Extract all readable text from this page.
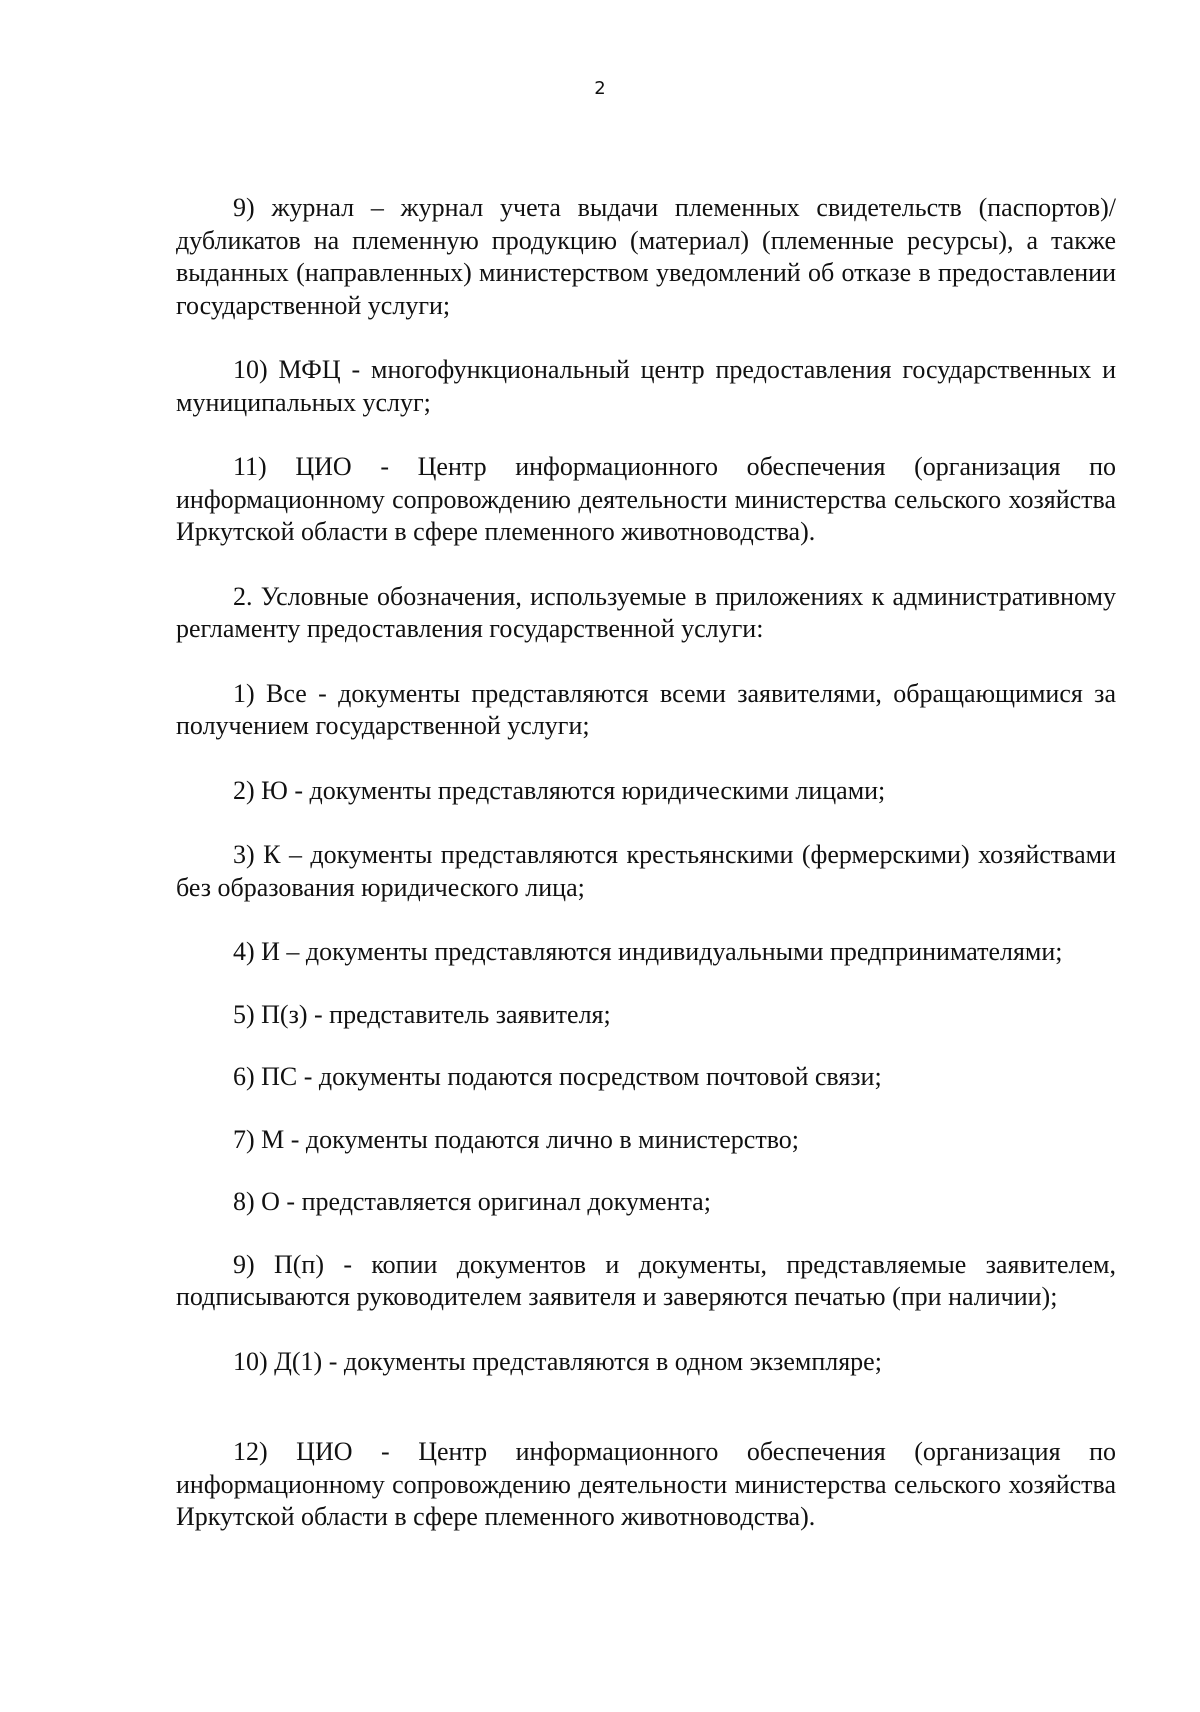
2

9) журнал – журнал учета выдачи племенных свидетельств (паспортов)/дубликатов на племенную продукцию (материал) (племенные ресурсы), а также выданных (направленных) министерством уведомлений об отказе в предоставлении государственной услуги;

10) МФЦ - многофункциональный центр предоставления государственных и муниципальных услуг;

11) ЦИО - Центр информационного обеспечения (организация по информационному сопровождению деятельности министерства сельского хозяйства Иркутской области в сфере племенного животноводства).

2. Условные обозначения, используемые в приложениях к административному регламенту предоставления государственной услуги:

1) Все - документы представляются всеми заявителями, обращающимися за получением государственной услуги;

2) Ю - документы представляются юридическими лицами;

3) К – документы представляются крестьянскими (фермерскими) хозяйствами без образования юридического лица;

4) И – документы представляются индивидуальными предпринимателями;

5) П(з) - представитель заявителя;

6) ПС - документы подаются посредством почтовой связи;

7) М - документы подаются лично в министерство;

8) О - представляется оригинал документа;

9) П(п) - копии документов и документы, представляемые заявителем, подписываются руководителем заявителя и заверяются печатью (при наличии);

10) Д(1) - документы представляются в одном экземпляре;

12) ЦИО - Центр информационного обеспечения (организация по информационному сопровождению деятельности министерства сельского хозяйства Иркутской области в сфере племенного животноводства).
